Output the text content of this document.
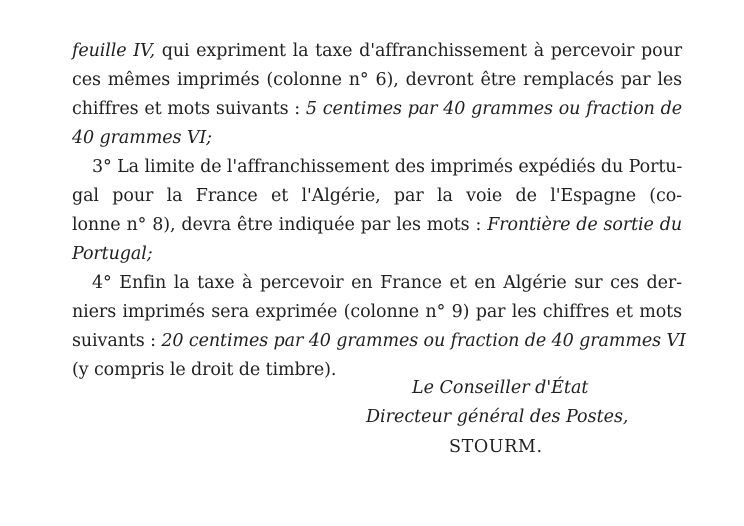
feuille IV, qui expriment la taxe d'affranchissement à percevoir pour
ces mêmes imprimés (colonne n° 6), devront être remplacés par les
chiffres et mots suivants : 5 centimes par 40 grammes ou fraction de
40 grammes VI;
3° La limite de l'affranchissement des imprimés expédiés du Portu-
gal pour la France et l'Algérie, par la voie de l'Espagne (co-
lonne n° 8), devra être indiquée par les mots : Frontière de sortie du
Portugal;
4° Enfin la taxe à percevoir en France et en Algérie sur ces der-
niers imprimés sera exprimée (colonne n° 9) par les chiffres et mots
suivants : 20 centimes par 40 grammes ou fraction de 40 grammes VI
(y compris le droit de timbre).
Le Conseiller d'État
Directeur général des Postes,
STOURM.
